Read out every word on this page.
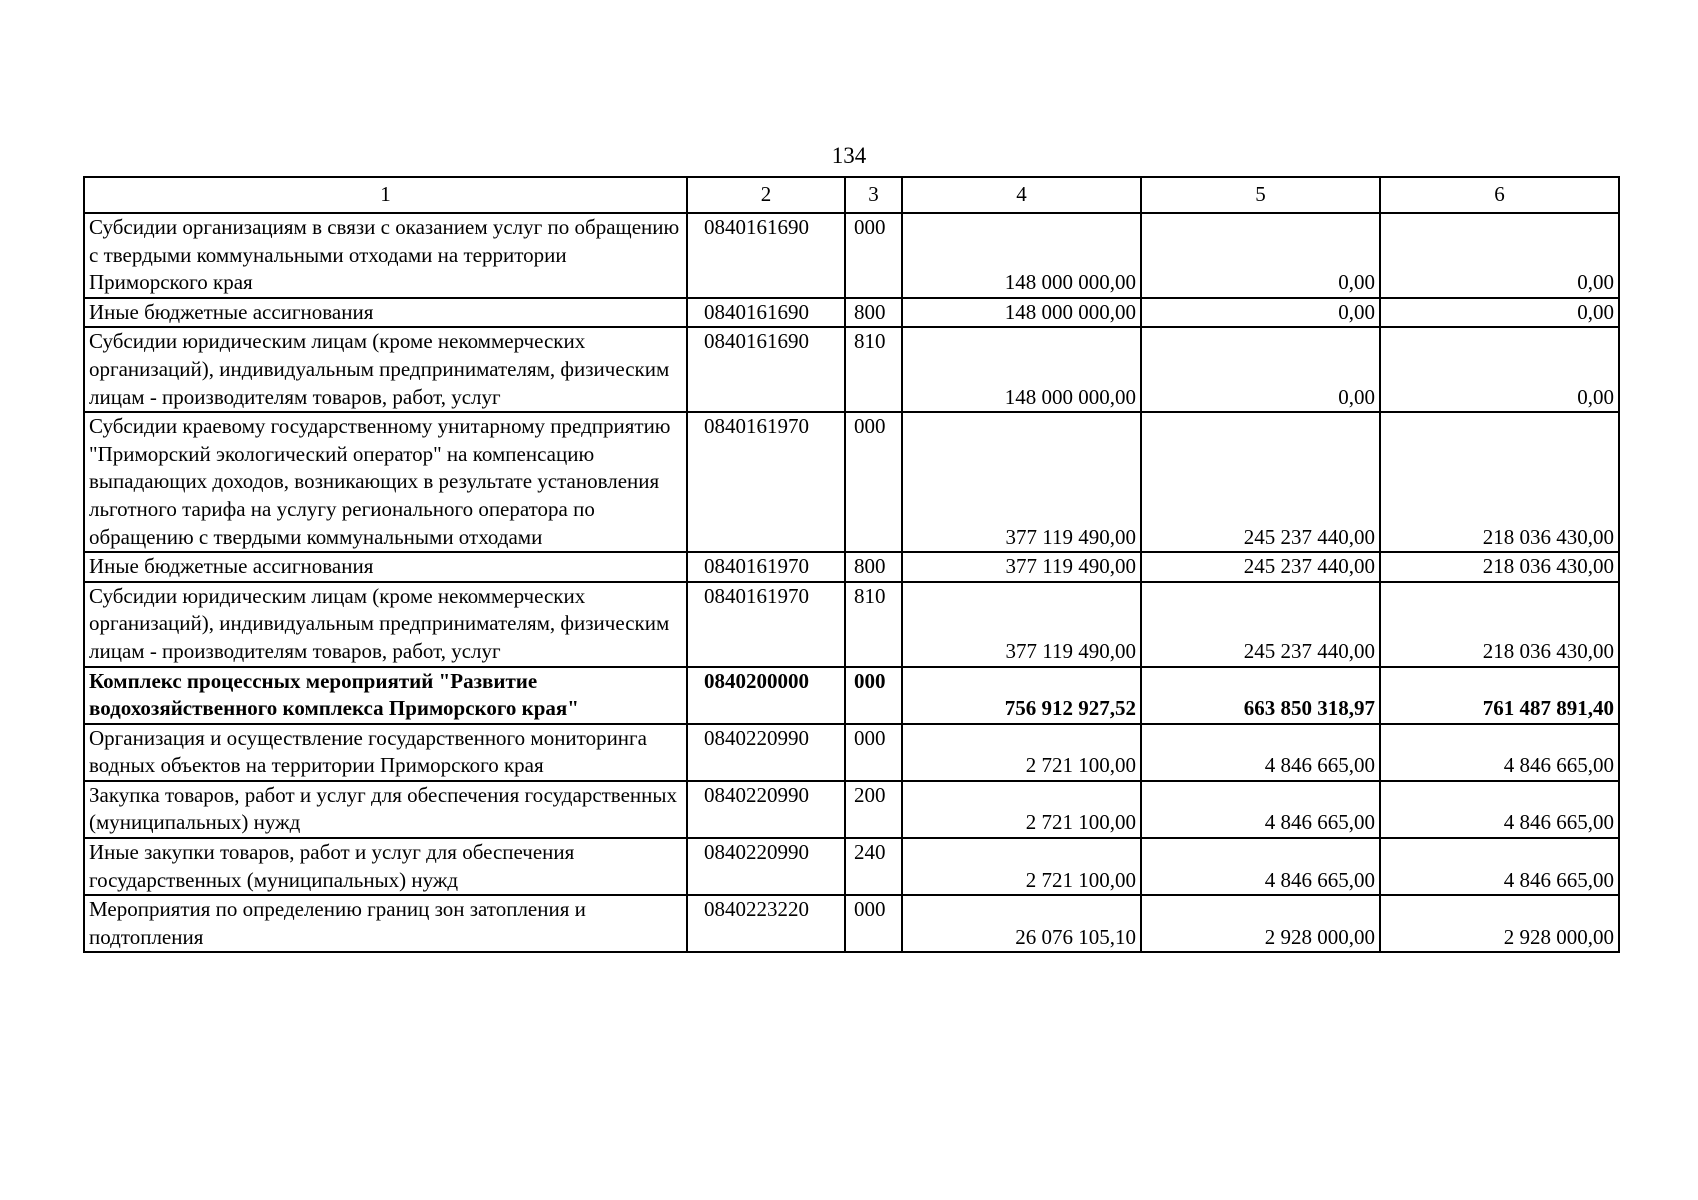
134
1	2	3	4	5	6
Субсидии организациям в связи с оказанием услуг по обращению с твердыми коммунальными отходами на территории Приморского края	0840161690	000	148 000 000,00	0,00	0,00
Иные бюджетные ассигнования	0840161690	800	148 000 000,00	0,00	0,00
Субсидии юридическим лицам (кроме некоммерческих организаций), индивидуальным предпринимателям, физическим лицам - производителям товаров, работ, услуг	0840161690	810	148 000 000,00	0,00	0,00
Субсидии краевому государственному унитарному предприятию "Приморский экологический оператор" на компенсацию выпадающих доходов, возникающих в результате установления льготного тарифа на услугу регионального оператора по обращению с твердыми коммунальными отходами	0840161970	000	377 119 490,00	245 237 440,00	218 036 430,00
Иные бюджетные ассигнования	0840161970	800	377 119 490,00	245 237 440,00	218 036 430,00
Субсидии юридическим лицам (кроме некоммерческих организаций), индивидуальным предпринимателям, физическим лицам - производителям товаров, работ, услуг	0840161970	810	377 119 490,00	245 237 440,00	218 036 430,00
Комплекс процессных мероприятий "Развитие водохозяйственного комплекса Приморского края"	0840200000	000	756 912 927,52	663 850 318,97	761 487 891,40
Организация и осуществление государственного мониторинга водных объектов на территории Приморского края	0840220990	000	2 721 100,00	4 846 665,00	4 846 665,00
Закупка товаров, работ и услуг для обеспечения государственных (муниципальных) нужд	0840220990	200	2 721 100,00	4 846 665,00	4 846 665,00
Иные закупки товаров, работ и услуг для обеспечения государственных (муниципальных) нужд	0840220990	240	2 721 100,00	4 846 665,00	4 846 665,00
Мероприятия по определению границ зон затопления и подтопления	0840223220	000	26 076 105,10	2 928 000,00	2 928 000,00
